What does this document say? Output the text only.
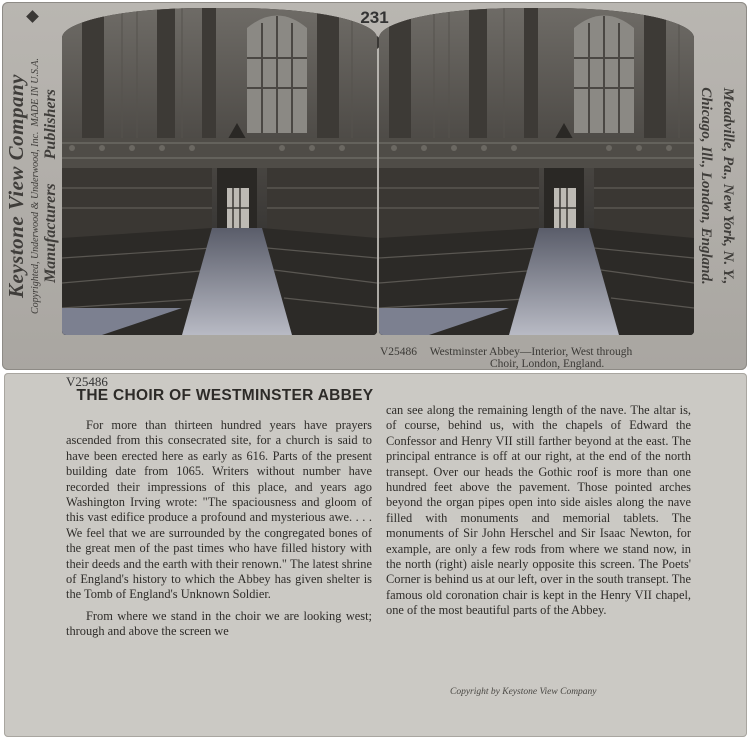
Keystone View Company Copyrighted, Underwood & Underwood, Inc.  MADE IN U.S.A.
Manufacturers      Publishers
231
Meadville, Pa., New York, N. Y.,
Chicago, Ill., London, England.
V25486 Westminster Abbey—Interior, West through
Choir, London, England.
V25486
THE CHOIR OF WESTMINSTER ABBEY

For more than thirteen hundred years have prayers ascended from this consecrated site, for a church is said to have been erected here as early as 616. Parts of the present building date from 1065. Writers without number have recorded their impressions of this place, and years ago Washington Irving wrote: "The spaciousness and gloom of this vast edifice produce a profound and mysterious awe. . . . We feel that we are surrounded by the congregated bones of the great men of the past times who have filled history with their deeds and the earth with their renown." The latest shrine of England's history to which the Abbey has given shelter is the Tomb of England's Unknown Soldier.

From where we stand in the choir we are looking west; through and above the screen we

can see along the remaining length of the nave. The altar is, of course, behind us, with the chapels of Edward the Confessor and Henry VII still farther beyond at the east. The principal entrance is off at our right, at the end of the north transept. Over our heads the Gothic roof is more than one hundred feet above the pavement. Those pointed arches beyond the organ pipes open into side aisles along the nave filled with monuments and memorial tablets. The monuments of Sir John Herschel and Sir Isaac Newton, for example, are only a few rods from where we stand now, in the north (right) aisle nearly opposite this screen. The Poets' Corner is behind us at our left, over in the south transept. The famous old coronation chair is kept in the Henry VII chapel, one of the most beautiful parts of the Abbey.

Copyright by Keystone View Company
